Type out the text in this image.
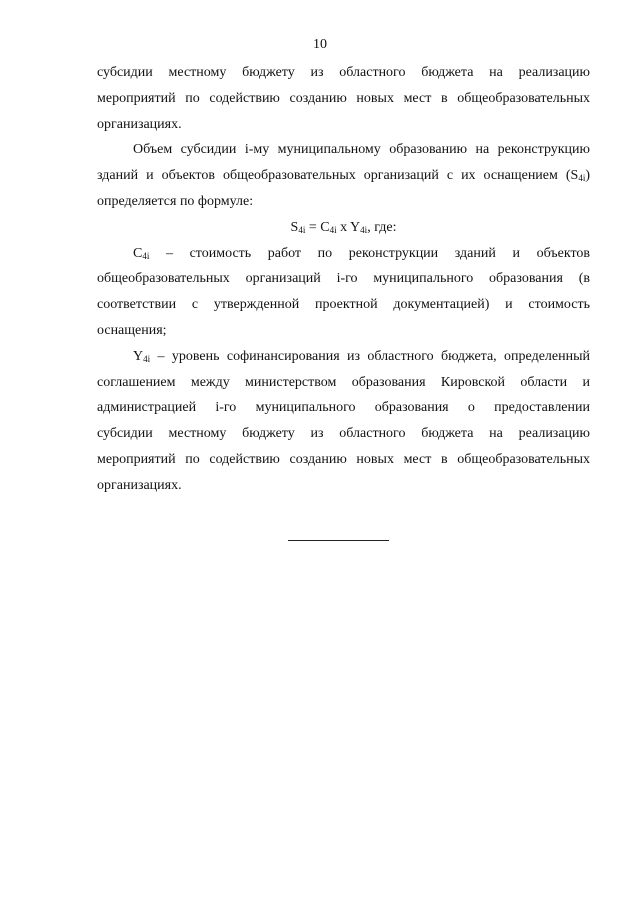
10

субсидии местному бюджету из областного бюджета на реализацию
мероприятий по содействию созданию новых мест в общеобразовательных
организациях.

Объем субсидии i-му муниципальному образованию на реконструкцию
зданий и объектов общеобразовательных организаций с их оснащением $(S_{4i})$
определяется по формуле:

$S_{4i} = C_{4i}$ x $Y_{4i}$, где:

$C_{4i}$ – стоимость работ по реконструкции зданий и объектов
общеобразовательных организаций i-го муниципального образования (в
соответствии с утвержденной проектной документацией) и стоимость
оснащения;

$Y_{4i}$ – уровень софинансирования из областного бюджета, определенный
соглашением между министерством образования Кировской области и
администрацией i-го муниципального образования о предоставлении
субсидии местному бюджету из областного бюджета на реализацию
мероприятий по содействию созданию новых мест в общеобразовательных
организациях.
